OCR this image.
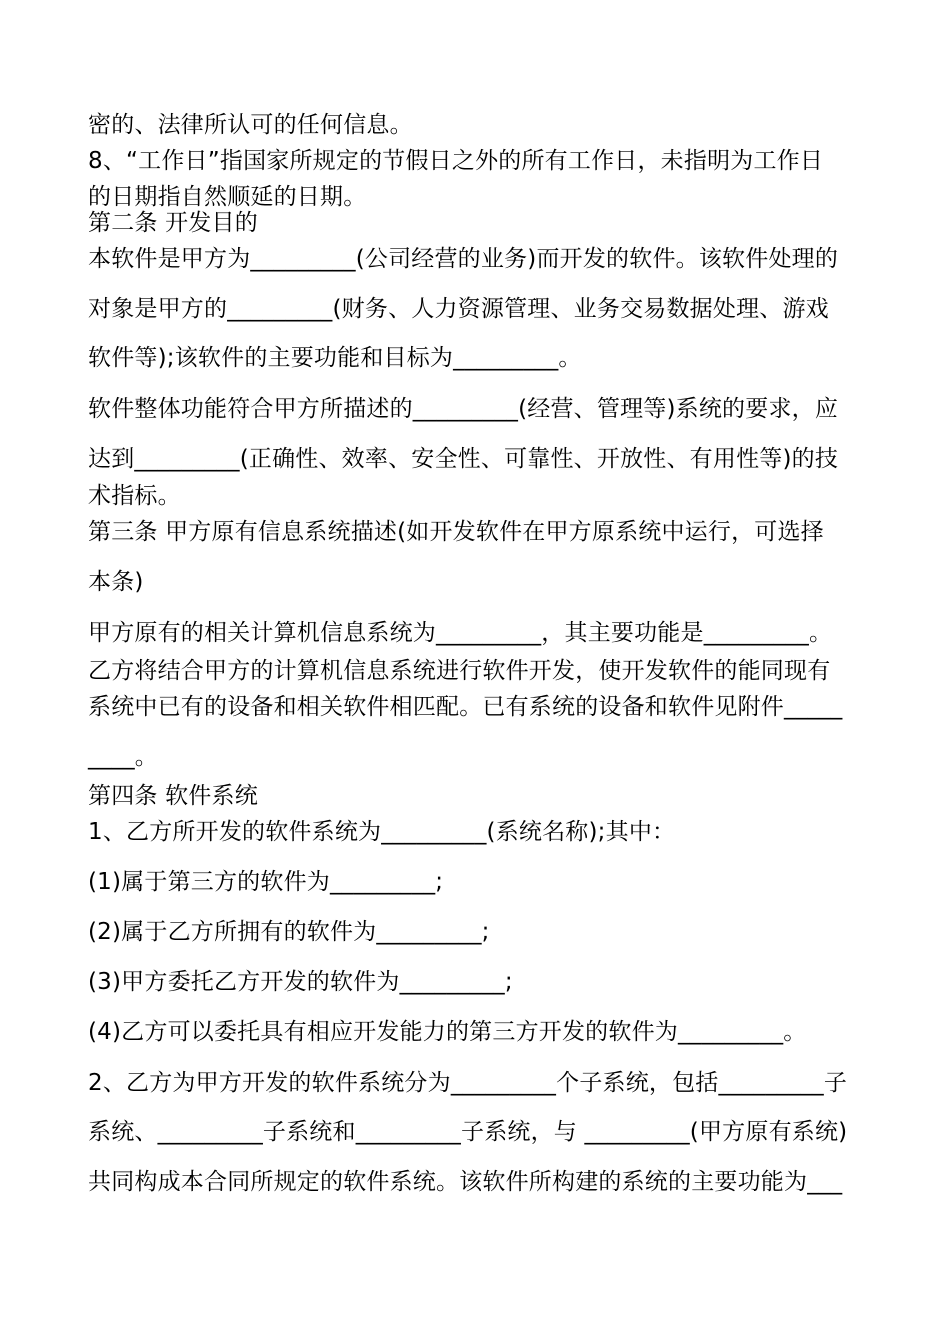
密的、法律所认可的任何信息。
8、“工作日”指国家所规定的节假日之外的所有工作日，未指明为工作日
的日期指自然顺延的日期。
第二条 开发目的
本软件是甲方为_________(公司经营的业务)而开发的软件。该软件处理的
对象是甲方的_________(财务、人力资源管理、业务交易数据处理、游戏
软件等);该软件的主要功能和目标为_________。
软件整体功能符合甲方所描述的_________(经营、管理等)系统的要求，应
达到_________(正确性、效率、安全性、可靠性、开放性、有用性等)的技
术指标。
第三条 甲方原有信息系统描述(如开发软件在甲方原系统中运行，可选择
本条)
甲方原有的相关计算机信息系统为_________，其主要功能是_________。
乙方将结合甲方的计算机信息系统进行软件开发，使开发软件的能同现有
系统中已有的设备和相关软件相匹配。已有系统的设备和软件见附件_____
____。
第四条 软件系统
1、乙方所开发的软件系统为_________(系统名称);其中：
(1)属于第三方的软件为_________;
(2)属于乙方所拥有的软件为_________;
(3)甲方委托乙方开发的软件为_________;
(4)乙方可以委托具有相应开发能力的第三方开发的软件为_________。
2、乙方为甲方开发的软件系统分为_________个子系统，包括_________子
系统、_________子系统和_________子系统，与 _________(甲方原有系统)
共同构成本合同所规定的软件系统。该软件所构建的系统的主要功能为___
